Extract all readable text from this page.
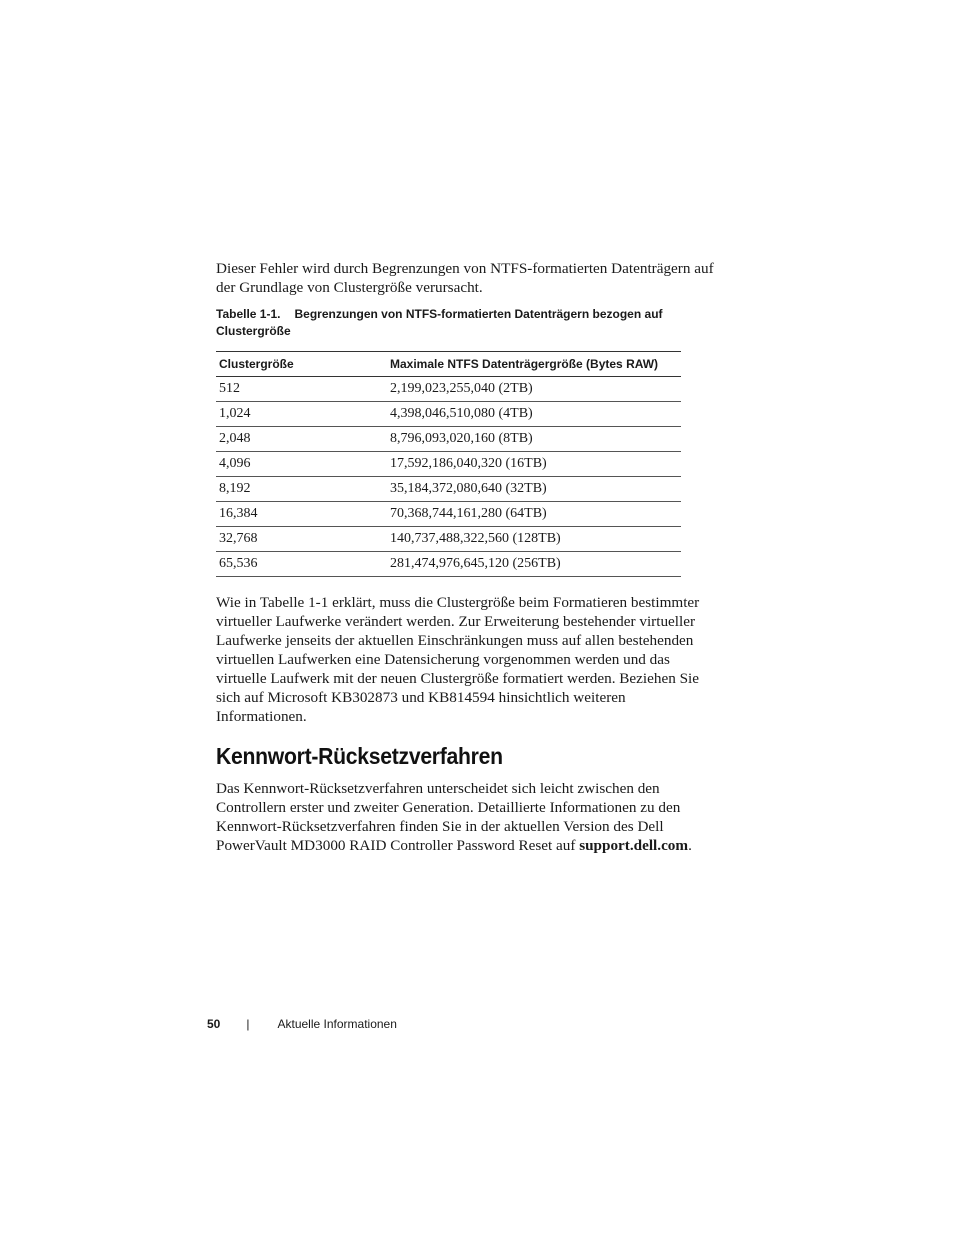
Dieser Fehler wird durch Begrenzungen von NTFS-formatierten Datenträgern auf der Grundlage von Clustergröße verursacht.

Tabelle 1-1. Begrenzungen von NTFS-formatierten Datenträgern bezogen auf Clustergröße
Clustergröße	Maximale NTFS Datenträgergröße (Bytes RAW)
512	2,199,023,255,040 (2TB)
1,024	4,398,046,510,080 (4TB)
2,048	8,796,093,020,160 (8TB)
4,096	17,592,186,040,320 (16TB)
8,192	35,184,372,080,640 (32TB)
16,384	70,368,744,161,280 (64TB)
32,768	140,737,488,322,560 (128TB)
65,536	281,474,976,645,120 (256TB)

Wie in Tabelle 1-1 erklärt, muss die Clustergröße beim Formatieren bestimmter virtueller Laufwerke verändert werden. Zur Erweiterung bestehender virtueller Laufwerke jenseits der aktuellen Einschränkungen muss auf allen bestehenden virtuellen Laufwerken eine Datensicherung vorgenommen werden und das virtuelle Laufwerk mit der neuen Clustergröße formatiert werden. Beziehen Sie sich auf Microsoft KB302873 und KB814594 hinsichtlich weiteren Informationen.

Kennwort-Rücksetzverfahren

Das Kennwort-Rücksetzverfahren unterscheidet sich leicht zwischen den Controllern erster und zweiter Generation. Detaillierte Informationen zu den Kennwort-Rücksetzverfahren finden Sie in der aktuellen Version des Dell PowerVault MD3000 RAID Controller Password Reset auf support.dell.com.

50 | Aktuelle Informationen
